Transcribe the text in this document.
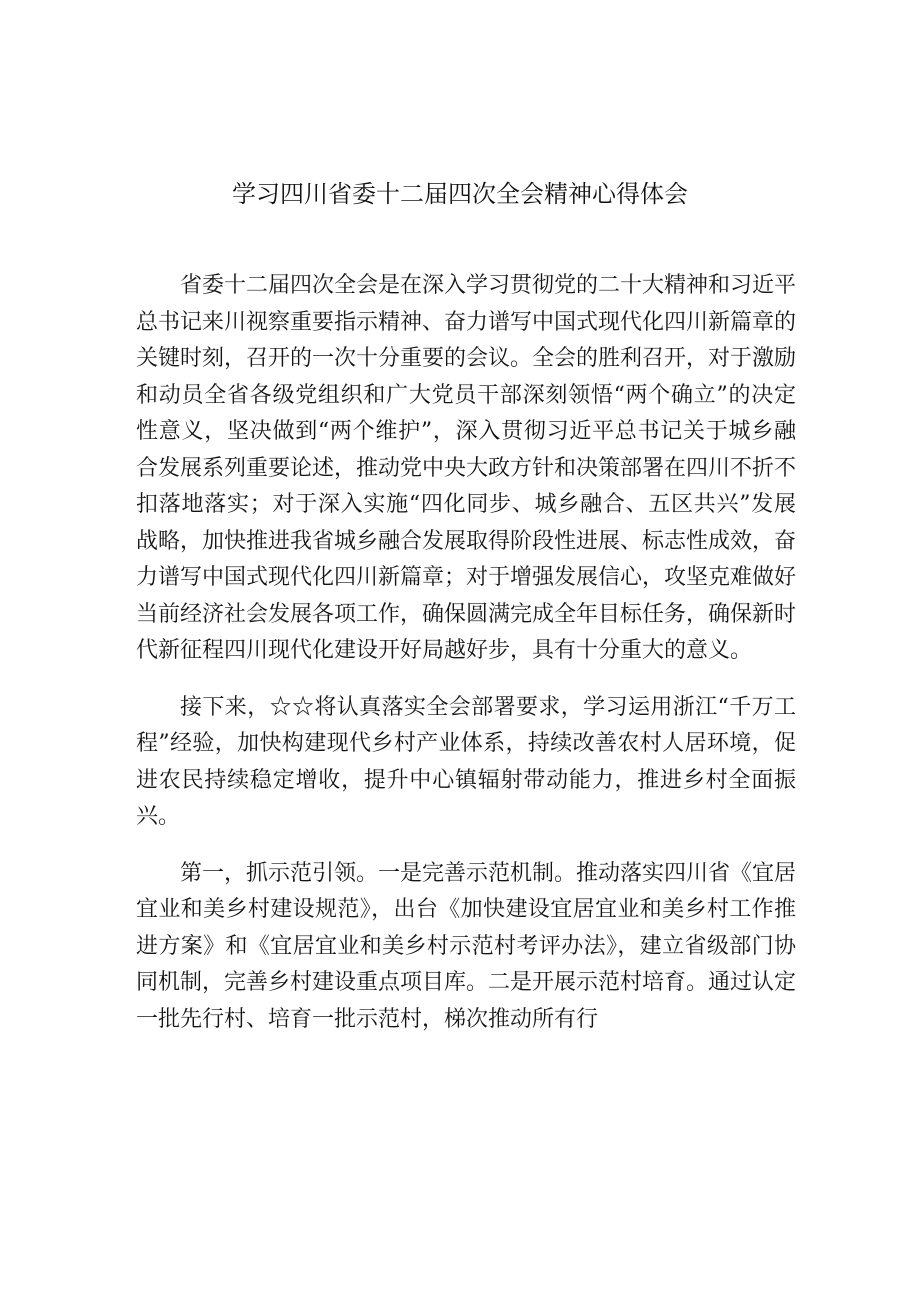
学习四川省委十二届四次全会精神心得体会

省委十二届四次全会是在深入学习贯彻党的二十大精神和习近平总书记来川视察重要指示精神、奋力谱写中国式现代化四川新篇章的关键时刻，召开的一次十分重要的会议。全会的胜利召开，对于激励和动员全省各级党组织和广大党员干部深刻领悟“两个确立”的决定性意义，坚决做到“两个维护”，深入贯彻习近平总书记关于城乡融合发展系列重要论述，推动党中央大政方针和决策部署在四川不折不扣落地落实；对于深入实施“四化同步、城乡融合、五区共兴”发展战略，加快推进我省城乡融合发展取得阶段性进展、标志性成效，奋力谱写中国式现代化四川新篇章；对于增强发展信心，攻坚克难做好当前经济社会发展各项工作，确保圆满完成全年目标任务，确保新时代新征程四川现代化建设开好局越好步，具有十分重大的意义。

接下来，☆☆将认真落实全会部署要求，学习运用浙江“千万工程”经验，加快构建现代乡村产业体系，持续改善农村人居环境，促进农民持续稳定增收，提升中心镇辐射带动能力，推进乡村全面振兴。

第一，抓示范引领。一是完善示范机制。推动落实四川省《宜居宜业和美乡村建设规范》，出台《加快建设宜居宜业和美乡村工作推进方案》和《宜居宜业和美乡村示范村考评办法》，建立省级部门协同机制，完善乡村建设重点项目库。二是开展示范村培育。通过认定一批先行村、培育一批示范村，梯次推动所有行
